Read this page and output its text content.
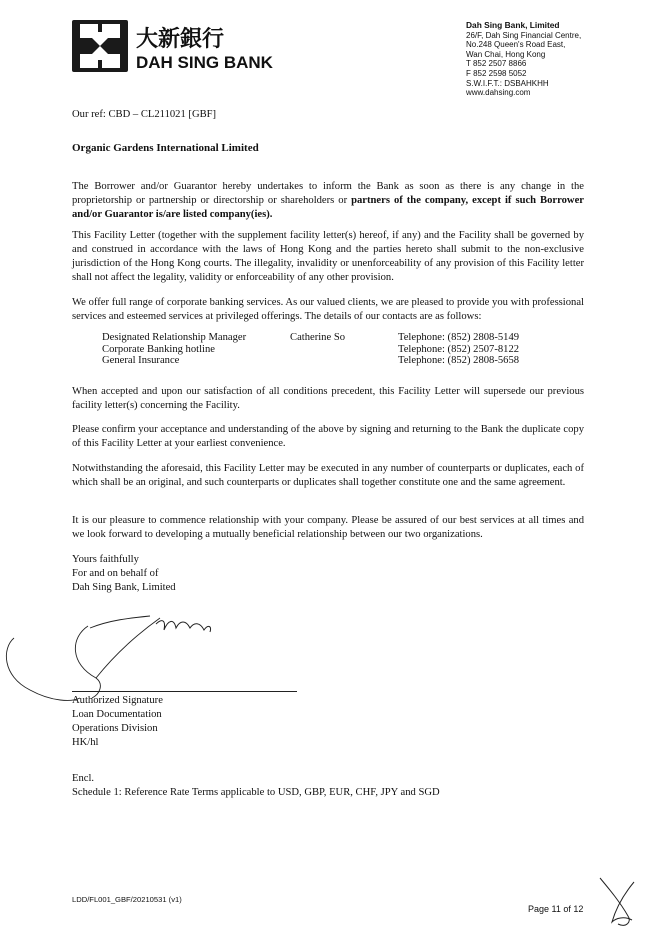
大新銀行
DAH SING BANK
Dah Sing Bank, Limited
26/F, Dah Sing Financial Centre,
No.248 Queen's Road East,
Wan Chai, Hong Kong
T 852 2507 8866
F 852 2598 5052
S.W.I.F.T.: DSBAHKHH
www.dahsing.com
Our ref: CBD – CL211021 [GBF]
Organic Gardens International Limited
The Borrower and/or Guarantor hereby undertakes to inform the Bank as soon as there is any change in the proprietorship or partnership or directorship or shareholders or partners of the company, except if such Borrower and/or Guarantor is/are listed company(ies).
This Facility Letter (together with the supplement facility letter(s) hereof, if any) and the Facility shall be governed by and construed in accordance with the laws of Hong Kong and the parties hereto shall submit to the non-exclusive jurisdiction of the Hong Kong courts. The illegality, invalidity or unenforceability of any provision of this Facility letter shall not affect the legality, validity or enforceability of any other provision.
We offer full range of corporate banking services. As our valued clients, we are pleased to provide you with professional services and esteemed services at privileged offerings. The details of our contacts are as follows:
Designated Relationship Manager	Catherine So	Telephone: (852) 2808-5149
Corporate Banking hotline		Telephone: (852) 2507-8122
General Insurance		Telephone: (852) 2808-5658
When accepted and upon our satisfaction of all conditions precedent, this Facility Letter will supersede our previous facility letter(s) concerning the Facility.
Please confirm your acceptance and understanding of the above by signing and returning to the Bank the duplicate copy of this Facility Letter at your earliest convenience.
Notwithstanding the aforesaid, this Facility Letter may be executed in any number of counterparts or duplicates, each of which shall be an original, and such counterparts or duplicates shall together constitute one and the same agreement.
It is our pleasure to commence relationship with your company. Please be assured of our best services at all times and we look forward to developing a mutually beneficial relationship between our two organizations.
Yours faithfully
For and on behalf of
Dah Sing Bank, Limited
Authorized Signature
Loan Documentation
Operations Division
HK/hl
Encl.
Schedule 1: Reference Rate Terms applicable to USD, GBP, EUR, CHF, JPY and SGD
LDD/FL001_GBF/20210531 (v1)
Page 11 of 12
